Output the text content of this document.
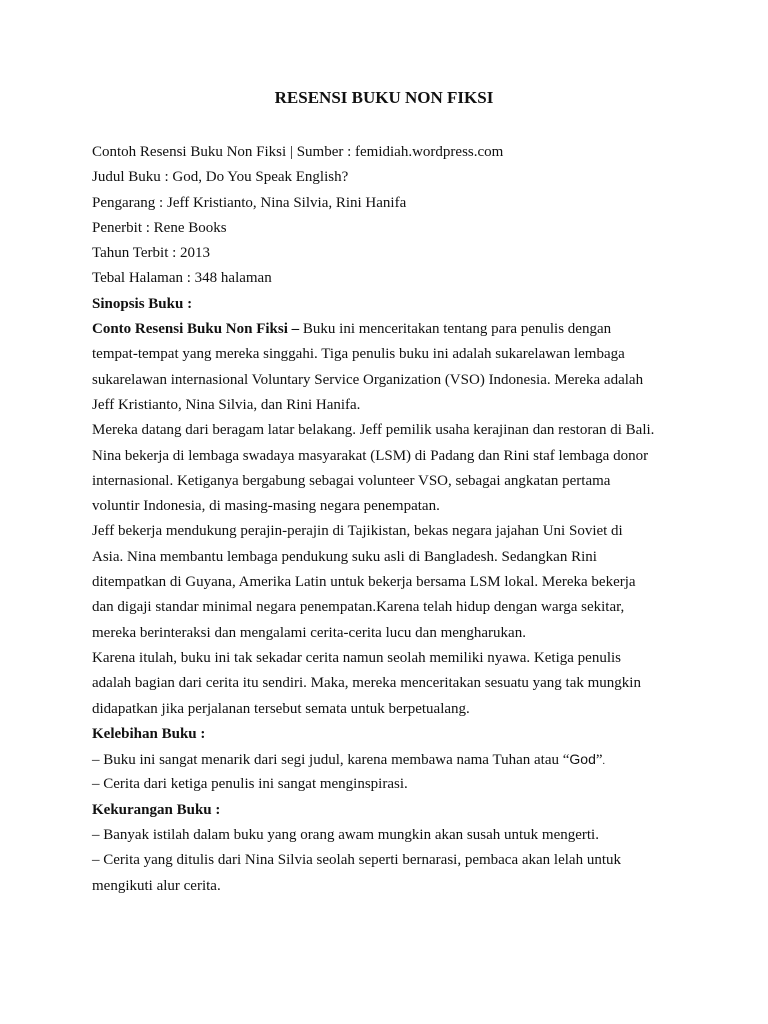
RESENSI BUKU NON FIKSI
Contoh Resensi Buku Non Fiksi | Sumber : femidiah.wordpress.com
Judul Buku : God, Do You Speak English?
Pengarang : Jeff Kristianto, Nina Silvia, Rini Hanifa
Penerbit : Rene Books
Tahun Terbit : 2013
Tebal Halaman : 348 halaman
Sinopsis Buku :
Conto Resensi Buku Non Fiksi – Buku ini menceritakan tentang para penulis dengan
tempat-tempat yang mereka singgahi. Tiga penulis buku ini adalah sukarelawan lembaga
sukarelawan internasional Voluntary Service Organization (VSO) Indonesia. Mereka adalah
Jeff Kristianto, Nina Silvia, dan Rini Hanifa.
Mereka datang dari beragam latar belakang. Jeff pemilik usaha kerajinan dan restoran di Bali.
Nina bekerja di lembaga swadaya masyarakat (LSM) di Padang dan Rini staf lembaga donor
internasional. Ketiganya bergabung sebagai volunteer VSO, sebagai angkatan pertama
voluntir Indonesia, di masing-masing negara penempatan.
Jeff bekerja mendukung perajin-perajin di Tajikistan, bekas negara jajahan Uni Soviet di
Asia. Nina membantu lembaga pendukung suku asli di Bangladesh. Sedangkan Rini
ditempatkan di Guyana, Amerika Latin untuk bekerja bersama LSM lokal. Mereka bekerja
dan digaji standar minimal negara penempatan.Karena telah hidup dengan warga sekitar,
mereka berinteraksi dan mengalami cerita-cerita lucu dan mengharukan.
Karena itulah, buku ini tak sekadar cerita namun seolah memiliki nyawa. Ketiga penulis
adalah bagian dari cerita itu sendiri. Maka, mereka menceritakan sesuatu yang tak mungkin
didapatkan jika perjalanan tersebut semata untuk berpetualang.
Kelebihan Buku :
– Buku ini sangat menarik dari segi judul, karena membawa nama Tuhan atau “God”.
– Cerita dari ketiga penulis ini sangat menginspirasi.
Kekurangan Buku :
– Banyak istilah dalam buku yang orang awam mungkin akan susah untuk mengerti.
– Cerita yang ditulis dari Nina Silvia seolah seperti bernarasi, pembaca akan lelah untuk
mengikuti alur cerita.
